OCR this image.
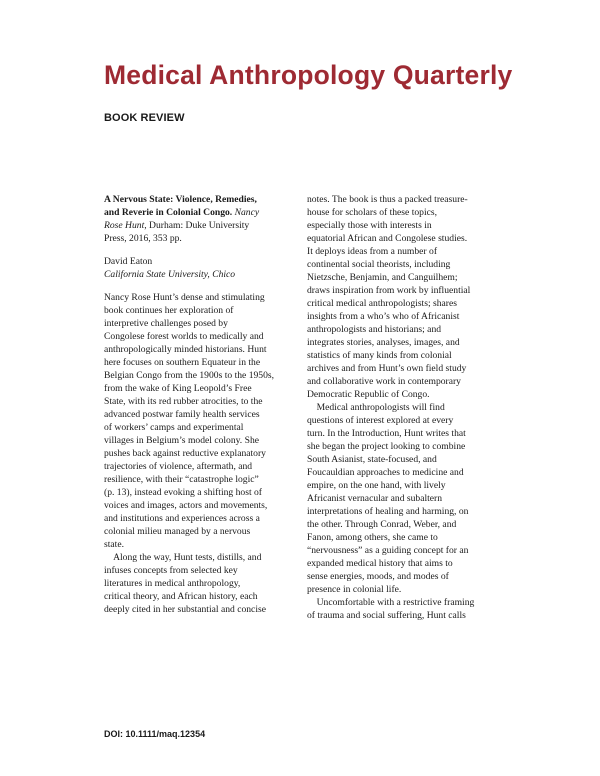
Medical Anthropology Quarterly
BOOK REVIEW
A Nervous State: Violence, Remedies,
and Reverie in Colonial Congo. Nancy
Rose Hunt, Durham: Duke University
Press, 2016, 353 pp.
David Eaton
California State University, Chico
Nancy Rose Hunt’s dense and stimulating
book continues her exploration of
interpretive challenges posed by
Congolese forest worlds to medically and
anthropologically minded historians. Hunt
here focuses on southern Equateur in the
Belgian Congo from the 1900s to the 1950s,
from the wake of King Leopold’s Free
State, with its red rubber atrocities, to the
advanced postwar family health services
of workers’ camps and experimental
villages in Belgium’s model colony. She
pushes back against reductive explanatory
trajectories of violence, aftermath, and
resilience, with their “catastrophe logic”
(p. 13), instead evoking a shifting host of
voices and images, actors and movements,
and institutions and experiences across a
colonial milieu managed by a nervous
state.
Along the way, Hunt tests, distills, and
infuses concepts from selected key
literatures in medical anthropology,
critical theory, and African history, each
deeply cited in her substantial and concise
notes. The book is thus a packed treasure-
house for scholars of these topics,
especially those with interests in
equatorial African and Congolese studies.
It deploys ideas from a number of
continental social theorists, including
Nietzsche, Benjamin, and Canguilhem;
draws inspiration from work by influential
critical medical anthropologists; shares
insights from a who’s who of Africanist
anthropologists and historians; and
integrates stories, analyses, images, and
statistics of many kinds from colonial
archives and from Hunt’s own field study
and collaborative work in contemporary
Democratic Republic of Congo.
Medical anthropologists will find
questions of interest explored at every
turn. In the Introduction, Hunt writes that
she began the project looking to combine
South Asianist, state-focused, and
Foucauldian approaches to medicine and
empire, on the one hand, with lively
Africanist vernacular and subaltern
interpretations of healing and harming, on
the other. Through Conrad, Weber, and
Fanon, among others, she came to
“nervousness” as a guiding concept for an
expanded medical history that aims to
sense energies, moods, and modes of
presence in colonial life.
Uncomfortable with a restrictive framing
of trauma and social suffering, Hunt calls
DOI: 10.1111/maq.12354
